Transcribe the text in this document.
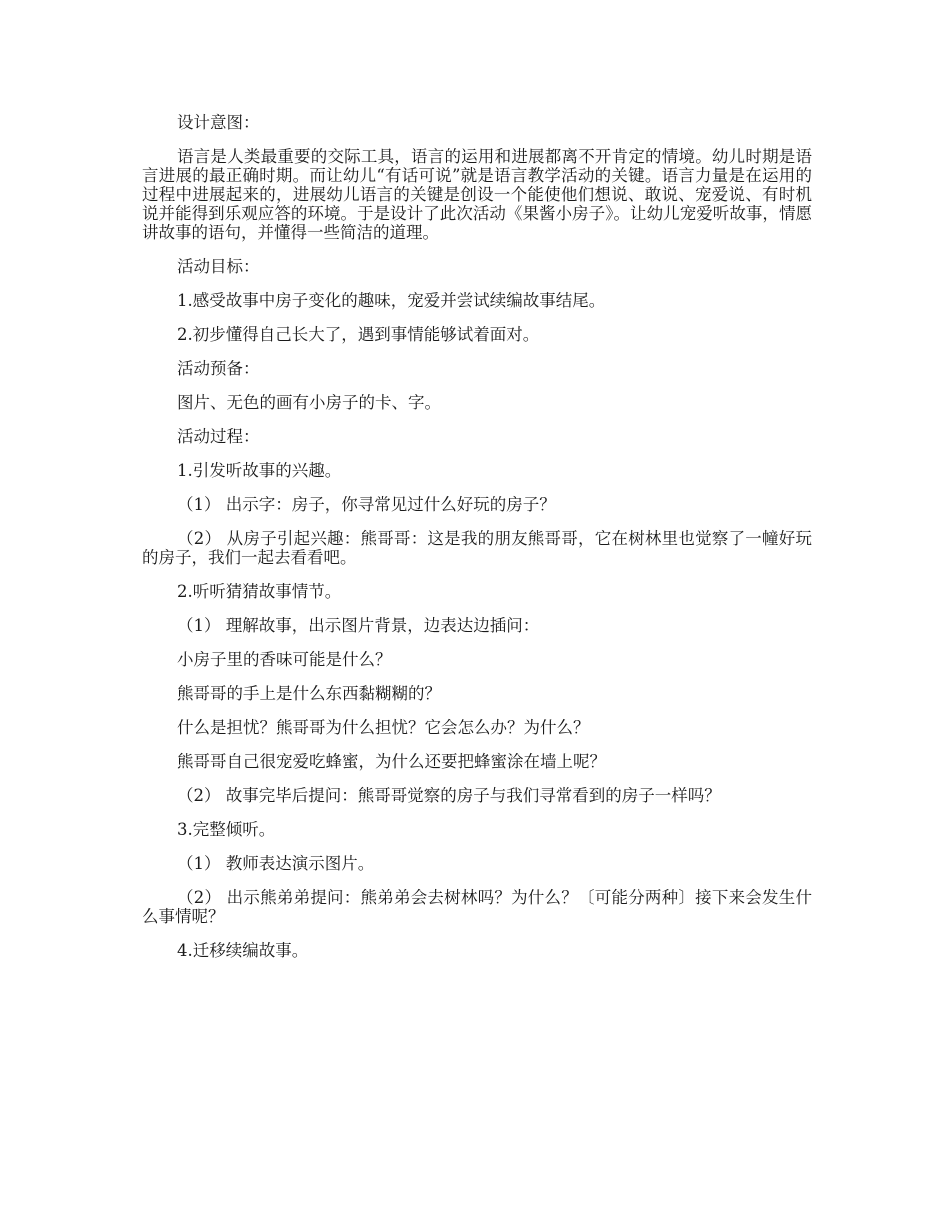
设计意图：

语言是人类最重要的交际工具，语言的运用和进展都离不开肯定的情境。幼儿时期是语言进展的最正确时期。而让幼儿“有话可说”就是语言教学活动的关键。语言力量是在运用的过程中进展起来的，进展幼儿语言的关键是创设一个能使他们想说、敢说、宠爱说、有时机说并能得到乐观应答的环境。于是设计了此次活动《果酱小房子》。让幼儿宠爱听故事，情愿讲故事的语句，并懂得一些简洁的道理。

活动目标：

1.感受故事中房子变化的趣味，宠爱并尝试续编故事结尾。

2.初步懂得自己长大了，遇到事情能够试着面对。

活动预备：

图片、无色的画有小房子的卡、字。

活动过程：

1.引发听故事的兴趣。

（1） 出示字：房子，你寻常见过什么好玩的房子？

（2） 从房子引起兴趣：熊哥哥：这是我的朋友熊哥哥，它在树林里也觉察了一幢好玩的房子，我们一起去看看吧。

2.听听猜猜故事情节。

（1） 理解故事，出示图片背景，边表达边插问：

小房子里的香味可能是什么？

熊哥哥的手上是什么东西黏糊糊的？

什么是担忧？熊哥哥为什么担忧？它会怎么办？为什么？

熊哥哥自己很宠爱吃蜂蜜，为什么还要把蜂蜜涂在墙上呢？

（2） 故事完毕后提问：熊哥哥觉察的房子与我们寻常看到的房子一样吗？

3.完整倾听。

（1） 教师表达演示图片。

（2） 出示熊弟弟提问：熊弟弟会去树林吗？为什么？〔可能分两种〕接下来会发生什么事情呢？

4.迁移续编故事。
